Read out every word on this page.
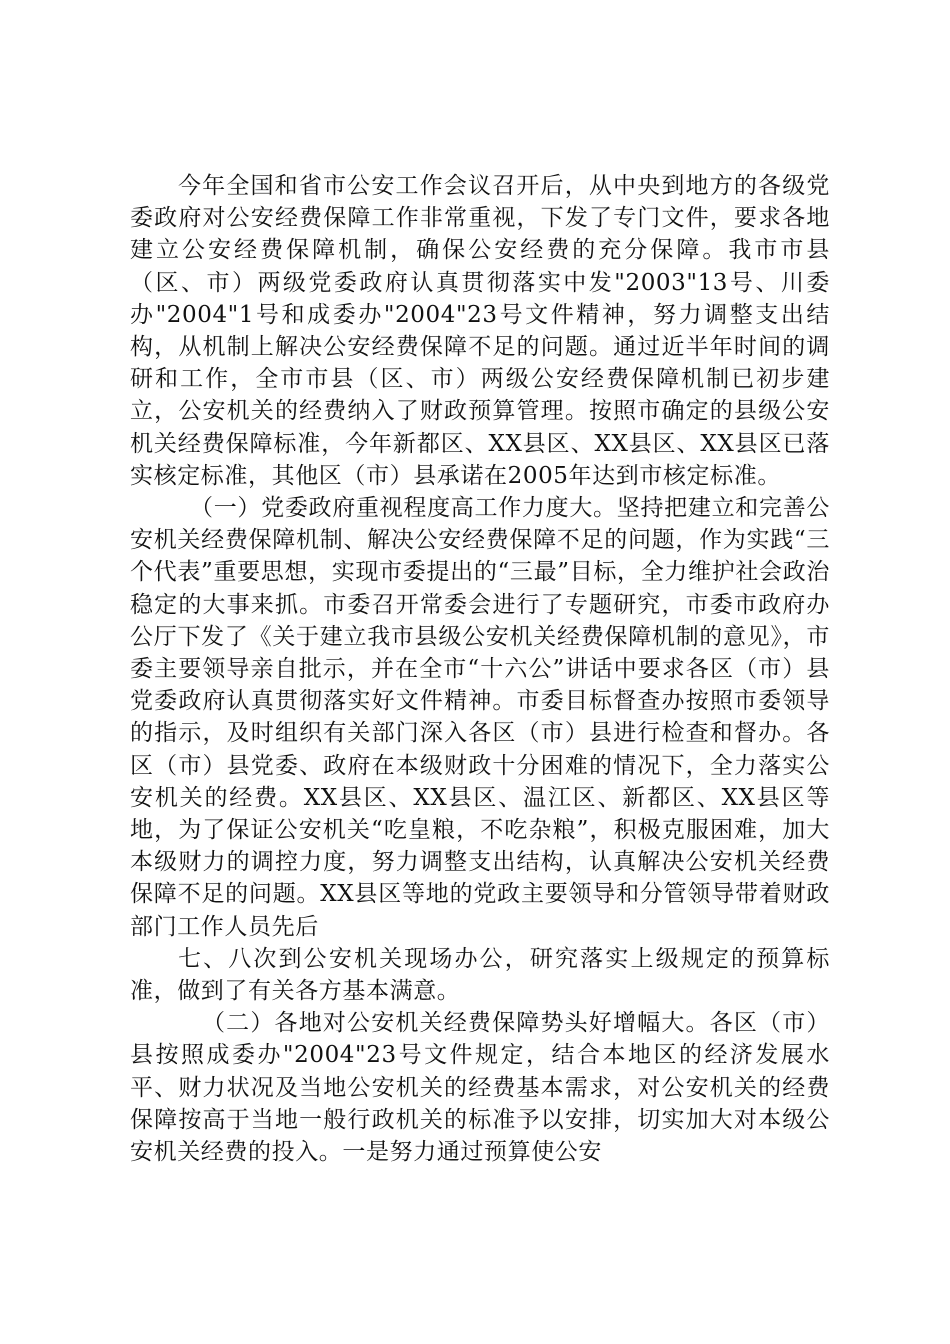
今年全国和省市公安工作会议召开后，从中央到地方的各级党委政府对公安经费保障工作非常重视，下发了专门文件，要求各地建立公安经费保障机制，确保公安经费的充分保障。我市市县（区、市）两级党委政府认真贯彻落实中发"2003"13号、川委办"2004"1号和成委办"2004"23号文件精神，努力调整支出结构，从机制上解决公安经费保障不足的问题。通过近半年时间的调研和工作，全市市县（区、市）两级公安经费保障机制已初步建立，公安机关的经费纳入了财政预算管理。按照市确定的县级公安机关经费保障标准，今年新都区、XX县区、XX县区、XX县区已落实核定标准，其他区（市）县承诺在2005年达到市核定标准。

（一）党委政府重视程度高工作力度大。坚持把建立和完善公安机关经费保障机制、解决公安经费保障不足的问题，作为实践“三个代表”重要思想，实现市委提出的“三最”目标，全力维护社会政治稳定的大事来抓。市委召开常委会进行了专题研究，市委市政府办公厅下发了《关于建立我市县级公安机关经费保障机制的意见》，市委主要领导亲自批示，并在全市“十六公”讲话中要求各区（市）县党委政府认真贯彻落实好文件精神。市委目标督查办按照市委领导的指示，及时组织有关部门深入各区（市）县进行检查和督办。各区（市）县党委、政府在本级财政十分困难的情况下，全力落实公安机关的经费。XX县区、XX县区、温江区、新都区、XX县区等地，为了保证公安机关“吃皇粮，不吃杂粮”，积极克服困难，加大本级财力的调控力度，努力调整支出结构，认真解决公安机关经费保障不足的问题。XX县区等地的党政主要领导和分管领导带着财政部门工作人员先后

七、八次到公安机关现场办公，研究落实上级规定的预算标准，做到了有关各方基本满意。

（二）各地对公安机关经费保障势头好增幅大。各区（市）县按照成委办"2004"23号文件规定，结合本地区的经济发展水平、财力状况及当地公安机关的经费基本需求，对公安机关的经费保障按高于当地一般行政机关的标准予以安排，切实加大对本级公安机关经费的投入。一是努力通过预算使公安
